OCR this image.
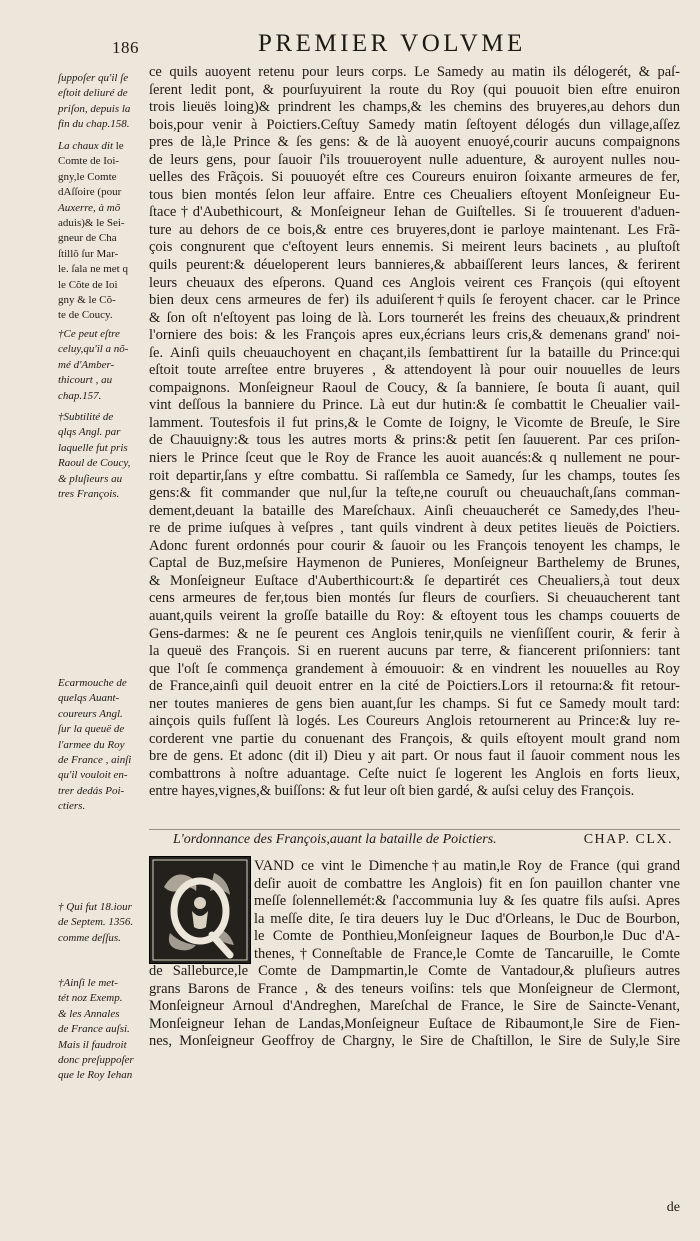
186	PREMIER VOLVME
ſuppoſer qu'il ſe
eſtoit deliuré de
priſon, depuis la
fin du chap.158.
La chaux dit le
Comte de Ioi-
gny,le Comte
dAſſoire (pour
Auxerre, à mõ
aduis)& le Sei-
gneur de Cha
ſtillõ ſur Mar-
le. ſala ne met q
le Cõte de Ioi
gny & le Cõ-
te de Coucy.
†Ce peut eſtre
celuy,qu'il a nõ-
mé d'Amber-
thicourt , au
chap.157.
†Subtilité de
qlqs Angl. par
laquelle fut pris
Raoul de Coucy,
& pluſieurs au
tres François.
Ecarmouche de
quelqs Auant-
coureurs Angl.
ſur la queuë de
l'armee du Roy
de France , ainſi
qu'il vouloit en-
trer dedás Poi-
ctiers.
† Qui fut 18.iour
de Septem. 1356.
comme deſſus.
†Ainſi le met-
tét noz Exemp.
& les Annales
de France auſsi.
Mais il faudroit
donc preſuppoſer
que le Roy Iehan
ce quils auoyent retenu pour leurs corps. Le Samedy au matin ils délogerét, & paſ-
ſerent ledit pont, & pourſuyuirent la route du Roy (qui pouuoit bien eſtre enuiron
trois lieuës loing)& prindrent les champs,& les chemins des bruyeres,au dehors dun
bois,pour venir à Poictiers.Ceſtuy Samedy matin ſeſtoyent délogés dun village,aſſez
pres de là,le Prince & ſes gens: & de là auoyent enuoyé,courir aucuns compaignons
de leurs gens, pour ſauoir ſ'ils trouueroyent nulle aduenture, & auroyent nulles nou-
uelles des Frãçois. Si pouuoyét eſtre ces Coureurs enuiron ſoixante armeures de fer,
tous bien montés ſelon leur affaire. Entre ces Cheualiers eſtoyent Monſeigneur Eu-
ſtace†d'Aubethicourt, & Monſeigneur Iehan de Guiſtelles. Si ſe trouuerent d'aduen-
ture au dehors de ce bois,& entre ces bruyeres,dont ie parloye maintenant. Les Frã-
çois congnurent que c'eſtoyent leurs ennemis. Si meirent leurs bacinets , au pluſtoſt
quils peurent:& déueloperent leurs bannieres,& abbaiſſerent leurs lances, & ferirent
leurs cheuaux des eſperons. Quand ces Anglois veirent ces François (qui eſtoyent
bien deux cens armeures de fer) ils aduiſerent†quils ſe feroyent chacer. car le Prince
& ſon oſt n'eſtoyent pas loing de là. Lors tournerét les freins des cheuaux,& prindrent
l'orniere des bois: & les François apres eux,écrians leurs cris,& demenans grand' noi-
ſe. Ainſi quils cheuauchoyent en chaçant,ils ſembattirent ſur la bataille du Prince:qui
eſtoit toute arreſtee entre bruyeres , & attendoyent là pour ouir nouuelles de leurs
compaignons. Monſeigneur Raoul de Coucy, & ſa banniere, ſe bouta ſi auant, quil
vint deſſous la banniere du Prince. Là eut dur hutin:& ſe combattit le Cheualier vail-
lamment. Toutesfois il fut prins,& le Comte de Ioigny, le Vicomte de Breuſe, le Sire
de Chauuigny:& tous les autres morts & prins:& petit ſen ſauuerent. Par ces priſon-
niers le Prince ſceut que le Roy de France les auoit auancés:& q nullement ne pour-
roit departir,ſans y eſtre combattu. Si raſſembla ce Samedy, ſur les champs, toutes ſes
gens:& fit commander que nul,ſur la teſte,ne couruſt ou cheuauchaſt,ſans comman-
dement,deuant la bataille des Mareſchaux. Ainſi cheuaucherét ce Samedy,des l'heu-
re de prime iuſques à veſpres , tant quils vindrent à deux petites lieuës de Poictiers.
Adonc furent ordonnés pour courir & ſauoir ou les François tenoyent les champs, le
Captal de Buz,meſsire Haymenon de Punieres, Monſeigneur Barthelemy de Brunes,
& Monſeigneur Euſtace d'Auberthicourt:& ſe departirét ces Cheualiers,à tout deux
cens armeures de fer,tous bien montés ſur fleurs de courſiers. Si cheuaucherent tant
auant,quils veirent la groſſe bataille du Roy: & eſtoyent tous les champs couuerts de
Gens-darmes: & ne ſe peurent ces Anglois tenir,quils ne vienſiſſent courir, & ferir à
la queuë des François. Si en ruerent aucuns par terre, & fiancerent priſonniers: tant
que l'oſt ſe commença grandement à émouuoir: & en vindrent les nouuelles au Roy
de France,ainſi quil deuoit entrer en la cité de Poictiers.Lors il retourna:& fit retour-
ner toutes manieres de gens bien auant,ſur les champs. Si fut ce Samedy moult tard:
ainçois quils fuſſent là logés. Les Coureurs Anglois retournerent au Prince:& luy re-
corderent vne partie du conuenant des François, & quils eſtoyent moult grand nom
bre de gens. Et adonc (dit il) Dieu y ait part. Or nous faut il ſauoir comment nous les
combattrons à noſtre aduantage. Ceſte nuict ſe logerent les Anglois en forts lieux,
entre hayes,vignes,& buiſſons: & fut leur oſt bien gardé, & auſsi celuy des François.
L'ordonnance des François,auant la bataille de Poictiers.	CHAP. CLX.
VAND ce vint le Dimenche†au matin,le Roy de France (qui grand
deſir auoit de combattre les Anglois) fit en ſon pauillon chanter vne
meſſe ſolennellemét:& ſ'accommunia luy & ſes quatre fils auſsi. Apres
la meſſe dite, ſe tira deuers luy le Duc d'Orleans, le Duc de Bourbon,
le Comte de Ponthieu,Monſeigneur Iaques de Bourbon,le Duc d'A-
thenes,†Conneſtable de France,le Comte de Tancaruille, le Comte
de Salleburce,le Comte de Dampmartin,le Comte de Vantadour,& pluſieurs autres
grans Barons de France , & des teneurs voiſins: tels que Monſeigneur de Clermont,
Monſeigneur Arnoul d'Andreghen, Mareſchal de France, le Sire de Saincte-Venant,
Monſeigneur Iehan de Landas,Monſeigneur Euſtace de Ribaumont,le Sire de Fien-
nes, Monſeigneur Geoffroy de Chargny, le Sire de Chaſtillon, le Sire de Suly,le Sire
de
